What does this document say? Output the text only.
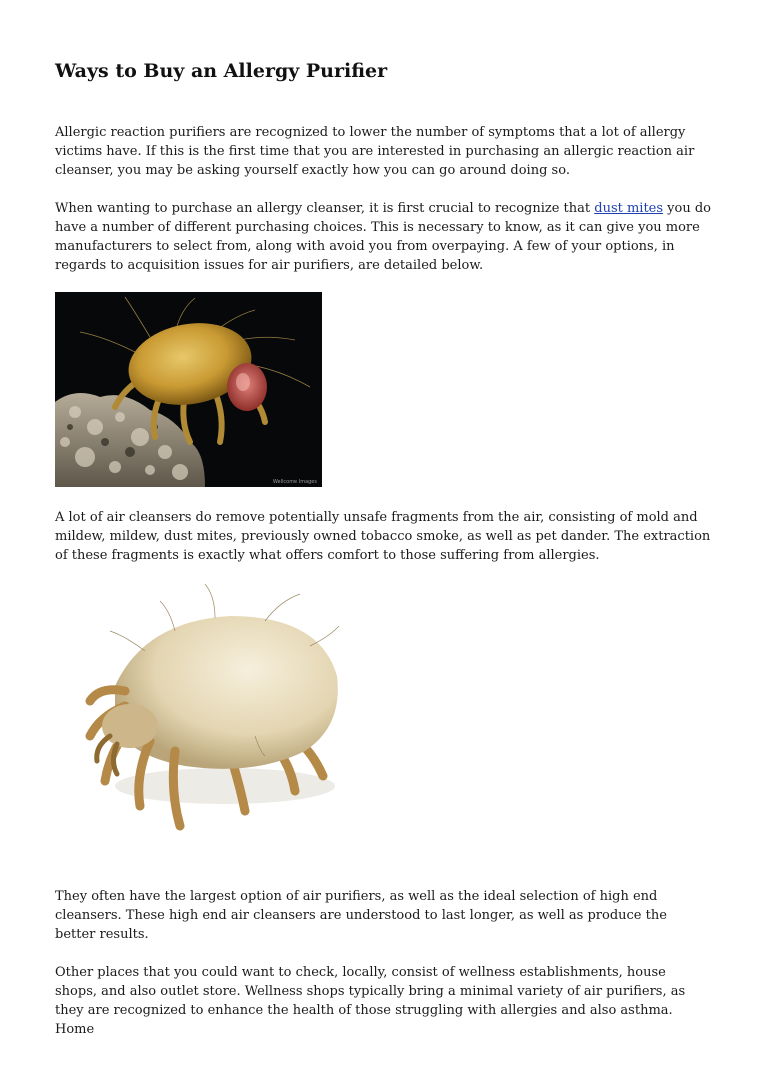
Ways to Buy an Allergy Purifier

Allergic reaction purifiers are recognized to lower the number of symptoms that a lot of allergy victims have. If this is the first time that you are interested in purchasing an allergic reaction air cleanser, you may be asking yourself exactly how you can go around doing so.

When wanting to purchase an allergy cleanser, it is first crucial to recognize that dust mites you do have a number of different purchasing choices. This is necessary to know, as it can give you more manufacturers to select from, along with avoid you from overpaying. A few of your options, in regards to acquisition issues for air purifiers, are detailed below.

Wellcome Images

A lot of air cleansers do remove potentially unsafe fragments from the air, consisting of mold and mildew, mildew, dust mites, previously owned tobacco smoke, as well as pet dander. The extraction of these fragments is exactly what offers comfort to those suffering from allergies.

They often have the largest option of air purifiers, as well as the ideal selection of high end cleansers. These high end air cleansers are understood to last longer, as well as produce the better results.

Other places that you could want to check, locally, consist of wellness establishments, house shops, and also outlet store. Wellness shops typically bring a minimal variety of air purifiers, as they are recognized to enhance the health of those struggling with allergies and also asthma. Home
